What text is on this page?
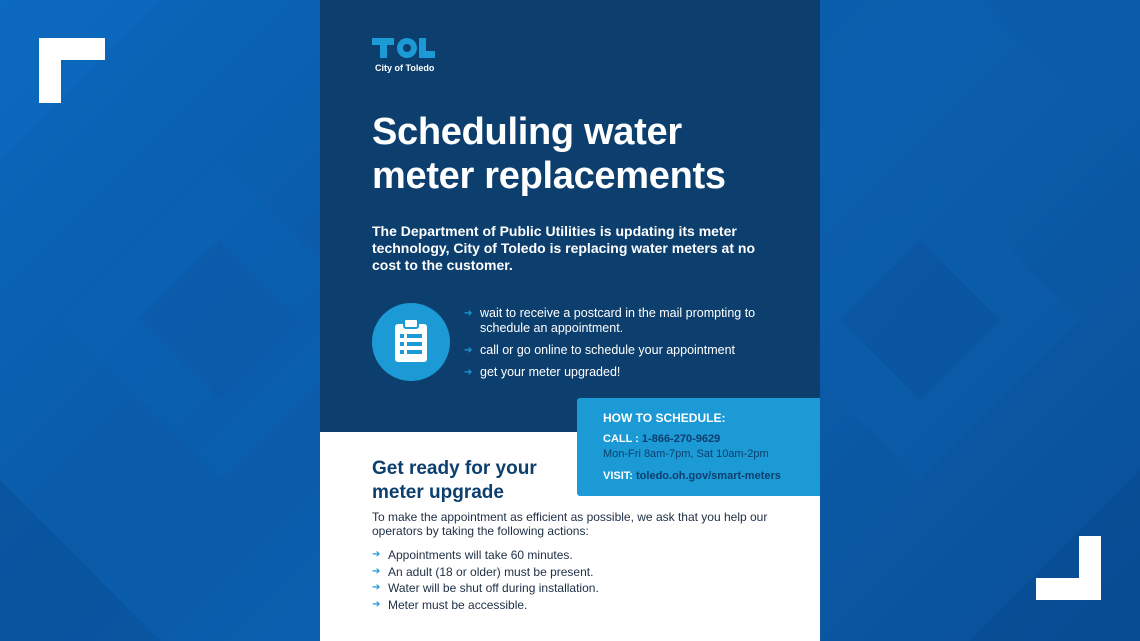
TOL
City of Toledo
Scheduling water meter replacements

The Department of Public Utilities is updating its meter technology, City of Toledo is replacing water meters at no cost to the customer.

➔ wait to receive a postcard in the mail prompting to schedule an appointment.
➔ call or go online to schedule your appointment
➔ get your meter upgraded!
HOW TO SCHEDULE:
CALL : 1-866-270-9629
Mon-Fri 8am-7pm, Sat 10am-2pm
VISIT: toledo.oh.gov/smart-meters
Get ready for your meter upgrade

To make the appointment as efficient as possible, we ask that you help our operators by taking the following actions:

➔ Appointments will take 60 minutes.
➔ An adult (18 or older) must be present.
➔ Water will be shut off during installation.
➔ Meter must be accessible.
